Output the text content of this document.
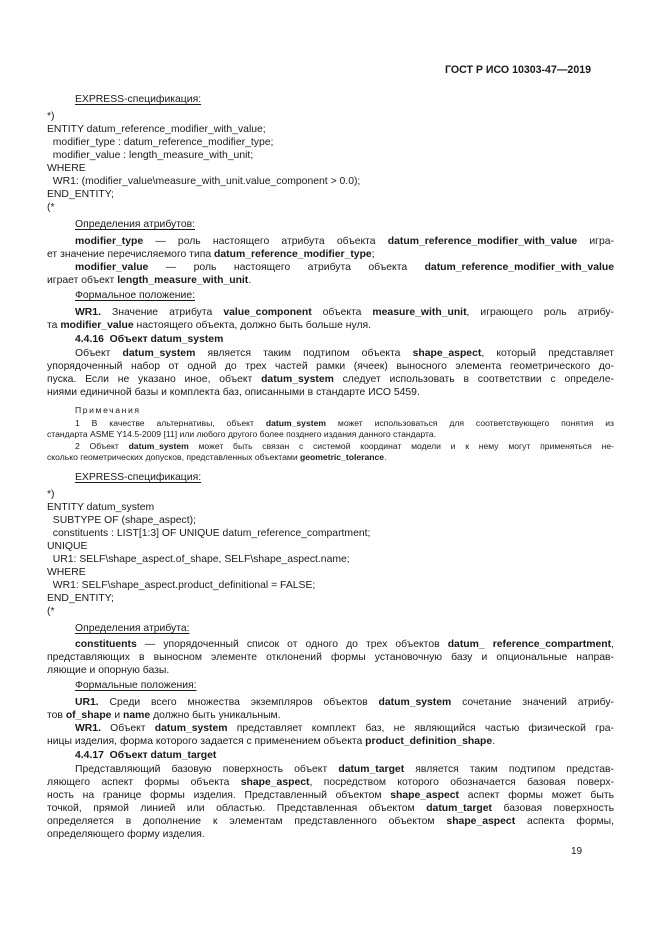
ГОСТ Р ИСО 10303-47—2019
EXPRESS-спецификация:
*)
ENTITY datum_reference_modifier_with_value;
modifier_type : datum_reference_modifier_type;
modifier_value : length_measure_with_unit;
WHERE
WR1: (modifier_value\measure_with_unit.value_component > 0.0);
END_ENTITY;
(*
Определения атрибутов:
modifier_type — роль настоящего атрибута объекта datum_reference_modifier_with_value игра-
ет значение перечисляемого типа datum_reference_modifier_type;
modifier_value — роль настоящего атрибута объекта datum_reference_modifier_with_value
играет объект length_measure_with_unit.
Формальное положение:
WR1. Значение атрибута value_component объекта measure_with_unit, играющего роль атрибу-
та modifier_value настоящего объекта, должно быть больше нуля.
4.4.16  Объект datum_system
Объект datum_system является таким подтипом объекта shape_aspect, который представляет
упорядоченный набор от одной до трех частей рамки (ячеек) выносного элемента геометрического до-
пуска. Если не указано иное, объект datum_system следует использовать в соответствии с определе-
ниями единичной базы и комплекта баз, описанными в стандарте ИСО 5459.
Примечания
1 В качестве альтернативы, объект datum_system может использоваться для соответствующего понятия из
стандарта ASME Y14.5-2009 [11] или любого другого более позднего издания данного стандарта.
2 Объект datum_system может быть связан с системой координат модели и к нему могут применяться не-
сколько геометрических допусков, представленных объектами geometric_tolerance.
EXPRESS-спецификация:
*)
ENTITY datum_system
SUBTYPE OF (shape_aspect);
constituents : LIST[1:3] OF UNIQUE datum_reference_compartment;
UNIQUE
UR1: SELF\shape_aspect.of_shape, SELF\shape_aspect.name;
WHERE
WR1: SELF\shape_aspect.product_definitional = FALSE;
END_ENTITY;
(*
Определения атрибута:
constituents — упорядоченный список от одного до трех объектов datum_ reference_compartment,
представляющих в выносном элементе отклонений формы установочную базу и опциональные направ-
ляющие и опорную базы.
Формальные положения:
UR1. Среди всего множества экземпляров объектов datum_system сочетание значений атрибу-
тов of_shape и name должно быть уникальным.
WR1. Объект datum_system представляет комплект баз, не являющийся частью физической гра-
ницы изделия, форма которого задается с применением объекта product_definition_shape.
4.4.17  Объект datum_target
Представляющий базовую поверхность объект datum_target является таким подтипом представ-
ляющего аспект формы объекта shape_aspect, посредством которого обозначается базовая поверх-
ность на границе формы изделия. Представленный объектом shape_aspect аспект формы может быть
точкой, прямой линией или областью. Представленная объектом datum_target базовая поверхность
определяется в дополнение к элементам представленного объектом shape_aspect аспекта формы,
определяющего форму изделия.
19
